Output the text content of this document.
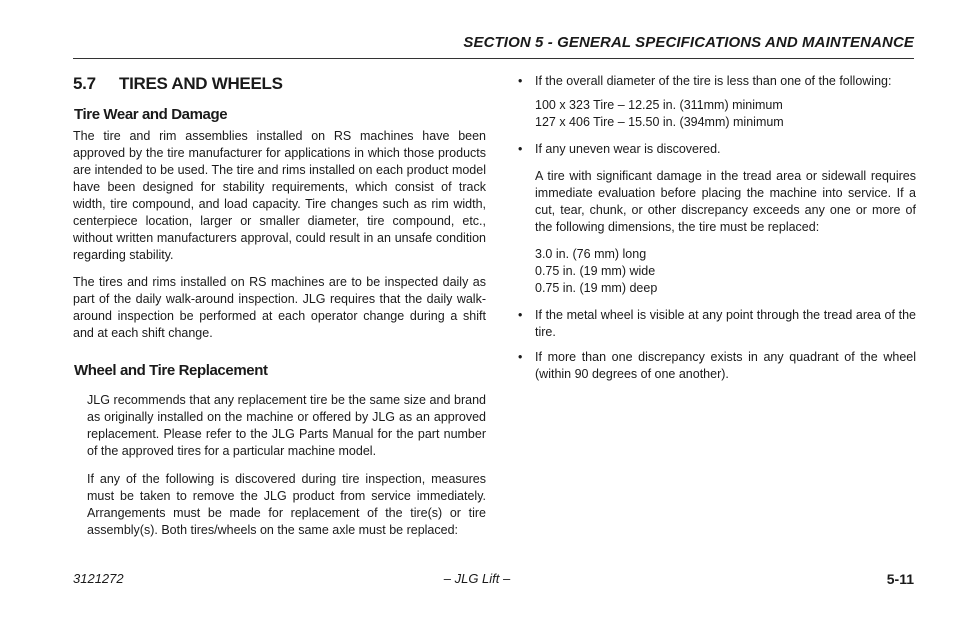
SECTION 5 - GENERAL SPECIFICATIONS AND MAINTENANCE
5.7 TIRES AND WHEELS
Tire Wear and Damage

The tire and rim assemblies installed on RS machines have been approved by the tire manufacturer for applications in which those products are intended to be used. The tire and rims installed on each product model have been designed for stability requirements, which consist of track width, tire compound, and load capacity. Tire changes such as rim width, centerpiece location, larger or smaller diameter, tire compound, etc., without written manufacturers approval, could result in an unsafe condition regarding stability.

The tires and rims installed on RS machines are to be inspected daily as part of the daily walk-around inspection. JLG requires that the daily walk-around inspection be performed at each operator change during a shift and at each shift change.

Wheel and Tire Replacement

JLG recommends that any replacement tire be the same size and brand as originally installed on the machine or offered by JLG as an approved replacement. Please refer to the JLG Parts Manual for the part number of the approved tires for a particular machine model.

If any of the following is discovered during tire inspection, measures must be taken to remove the JLG product from service immediately. Arrangements must be made for replacement of the tire(s) or tire assembly(s). Both tires/wheels on the same axle must be replaced:

• If the overall diameter of the tire is less than one of the following:
100 x 323 Tire – 12.25 in. (311mm) minimum
127 x 406 Tire – 15.50 in. (394mm) minimum
• If any uneven wear is discovered.

A tire with significant damage in the tread area or sidewall requires immediate evaluation before placing the machine into service. If a cut, tear, chunk, or other discrepancy exceeds any one or more of the following dimensions, the tire must be replaced:

3.0 in. (76 mm) long
0.75 in. (19 mm) wide
0.75 in. (19 mm) deep
• If the metal wheel is visible at any point through the tread area of the tire.
• If more than one discrepancy exists in any quadrant of the wheel (within 90 degrees of one another).
– JLG Lift –
3121272	5-11
